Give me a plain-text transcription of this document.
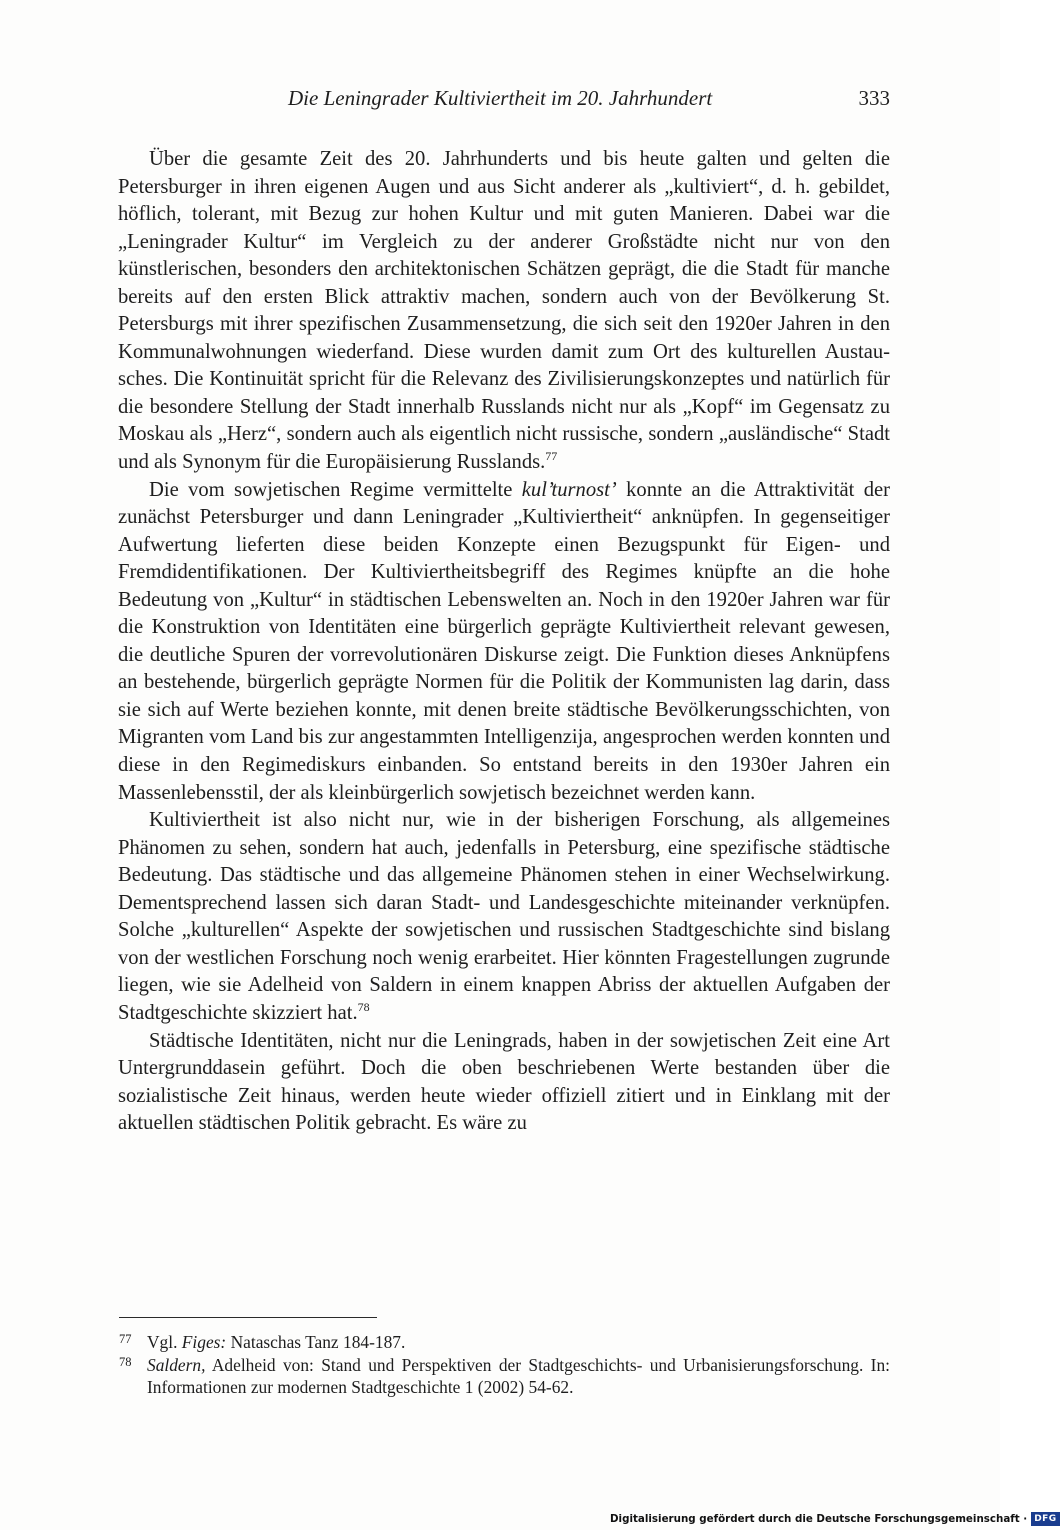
Die Leningrader Kultiviertheit im 20. Jahrhundert	333

Über die gesamte Zeit des 20. Jahrhunderts und bis heute galten und gelten die Petersburger in ihren eigenen Augen und aus Sicht anderer als „kultiviert“, d. h. gebildet, höflich, tolerant, mit Bezug zur hohen Kultur und mit guten Manieren. Dabei war die „Leningrader Kultur“ im Vergleich zu der anderer Großstädte nicht nur von den künstlerischen, besonders den architektonischen Schätzen geprägt, die die Stadt für manche bereits auf den ersten Blick attraktiv machen, sondern auch von der Bevölkerung St. Petersburgs mit ihrer spezifischen Zusammensetzung, die sich seit den 1920er Jahren in den Kommunalwohnungen wiederfand. Diese wurden damit zum Ort des kulturellen Austausches. Die Kontinuität spricht für die Relevanz des Zivilisierungskonzeptes und natürlich für die besondere Stellung der Stadt innerhalb Russlands nicht nur als „Kopf“ im Gegensatz zu Moskau als „Herz“, sondern auch als eigentlich nicht russische, sondern „ausländische“ Stadt und als Synonym für die Europäisierung Russlands.$^{77}$

Die vom sowjetischen Regime vermittelte kul’turnost’ konnte an die Attraktivität der zunächst Petersburger und dann Leningrader „Kultiviertheit“ anknüpfen. In gegenseitiger Aufwertung lieferten diese beiden Konzepte einen Bezugspunkt für Eigen- und Fremdidentifikationen. Der Kultiviertheitsbegriff des Regimes knüpfte an die hohe Bedeutung von „Kultur“ in städtischen Lebenswelten an. Noch in den 1920er Jahren war für die Konstruktion von Identitäten eine bürgerlich geprägte Kultiviertheit relevant gewesen, die deutliche Spuren der vorrevolutionären Diskurse zeigt. Die Funktion dieses Anknüpfens an bestehende, bürgerlich geprägte Normen für die Politik der Kommunisten lag darin, dass sie sich auf Werte beziehen konnte, mit denen breite städtische Bevölkerungsschichten, von Migranten vom Land bis zur angestammten Intelligenzija, angesprochen werden konnten und diese in den Regimediskurs einbanden. So entstand bereits in den 1930er Jahren ein Massenlebensstil, der als kleinbürgerlich sowjetisch bezeichnet werden kann.

Kultiviertheit ist also nicht nur, wie in der bisherigen Forschung, als allgemeines Phänomen zu sehen, sondern hat auch, jedenfalls in Petersburg, eine spezifische städtische Bedeutung. Das städtische und das allgemeine Phänomen stehen in einer Wechselwirkung. Dementsprechend lassen sich daran Stadt- und Landesgeschichte miteinander verknüpfen. Solche „kulturellen“ Aspekte der sowjetischen und russischen Stadtgeschichte sind bislang von der westlichen Forschung noch wenig erarbeitet. Hier könnten Fragestellungen zugrunde liegen, wie sie Adelheid von Saldern in einem knappen Abriss der aktuellen Aufgaben der Stadtgeschichte skizziert hat.$^{78}$

Städtische Identitäten, nicht nur die Leningrads, haben in der sowjetischen Zeit eine Art Untergrunddasein geführt. Doch die oben beschriebenen Werte bestanden über die sozialistische Zeit hinaus, werden heute wieder offiziell zitiert und in Einklang mit der aktuellen städtischen Politik gebracht. Es wäre zu

77 Vgl. Figes: Nataschas Tanz 184-187.
78 Saldern, Adelheid von: Stand und Perspektiven der Stadtgeschichts- und Urbanisierungsforschung. In: Informationen zur modernen Stadtgeschichte 1 (2002) 54-62.
Digitalisierung gefördert durch die Deutsche Forschungsgemeinschaft · DFG
